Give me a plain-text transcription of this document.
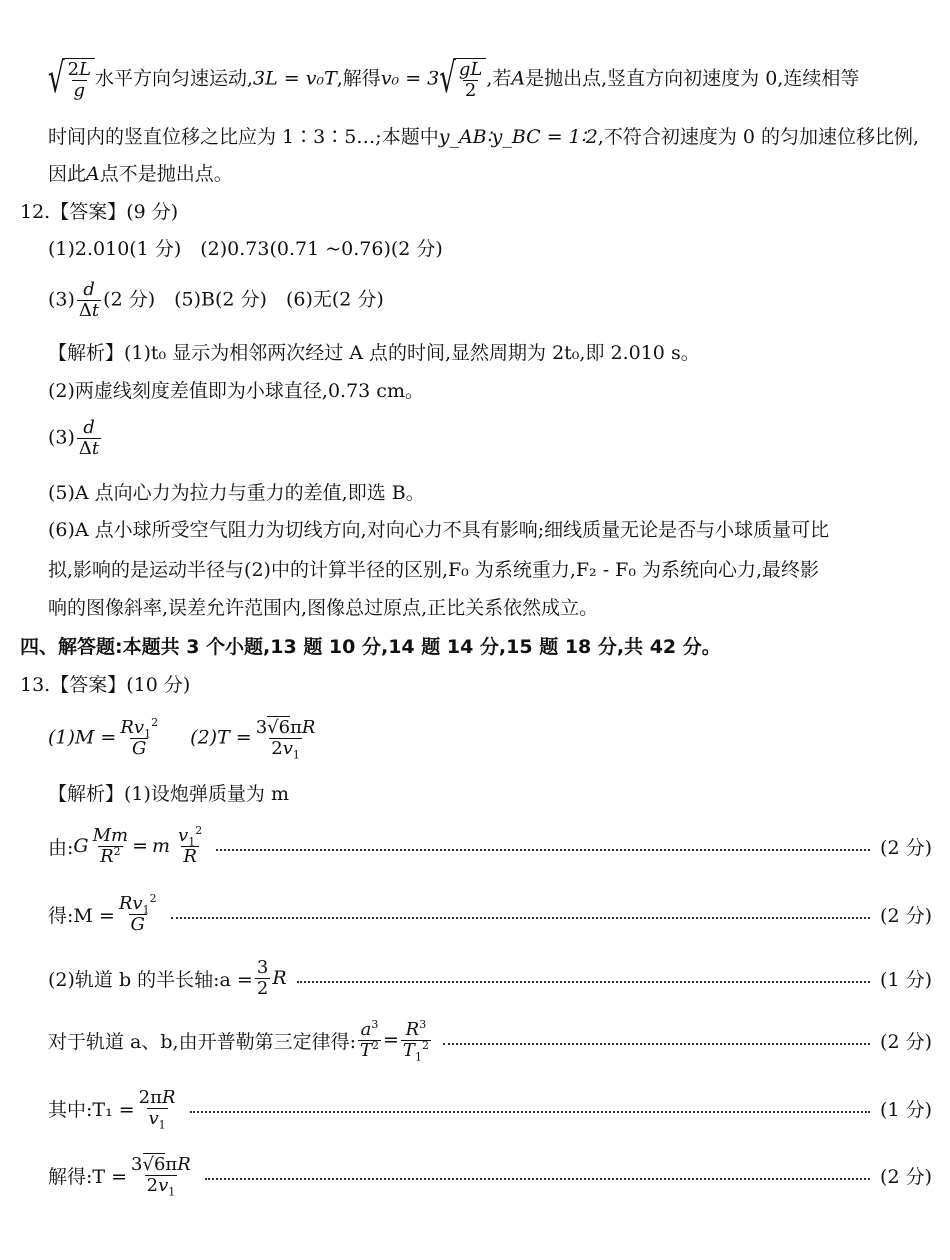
√ $\frac{2L}{g}$ 水平方向匀速运动,3L = v₀T,解得v₀ = 3 √ $\frac{gL}{2}$ ,若A是抛出点,竖直方向初速度为 0,连续相等
时间内的竖直位移之比应为 1∶3∶5…;本题中y_AB∶y_BC = 1∶2,不符合初速度为 0 的匀加速位移比例,
因此A点不是抛出点。
12.【答案】(9 分)
(1)2.010(1 分)　(2)0.73(0.71 ~0.76)(2 分)
$(3) \frac{d}{\Delta t} (2$ 分)　(5)B(2 分)　(6)无(2 分)
【解析】(1)t₀ 显示为相邻两次经过 A 点的时间,显然周期为 2t₀,即 2.010 s。
(2)两虚线刻度差值即为小球直径,0.73 cm。
$(3) \frac{d}{\Delta t}$
(5)A 点向心力为拉力与重力的差值,即选 B。
(6)A 点小球所受空气阻力为切线方向,对向心力不具有影响;细线质量无论是否与小球质量可比
拟,影响的是运动半径与(2)中的计算半径的区别,F₀ 为系统重力,F₂ - F₀ 为系统向心力,最终影
响的图像斜率,误差允许范围内,图像总过原点,正比关系依然成立。
四、解答题:本题共 3 个小题,13 题 10 分,14 题 14 分,15 题 18 分,共 42 分。
13.【答案】(10 分)
$(1)M = \frac{Rv_1^2}{G} (2)T = \frac{3√6\pi R}{2v_1}$
【解析】(1)设炮弹质量为 m
由: G $\frac{Mm}{R^2} = m \frac{v_1^2}{R}$	(2 分)
得:M = $\frac{Rv_1^2}{G}$	(2 分)
(2)轨道 b 的半长轴:a = $\frac{3}{2}$ R	(1 分)
对于轨道 a、b,由开普勒第三定律得: $\frac{a^3}{T^2} = \frac{R^3}{T_1^2}$	(2 分)
其中:T₁ = $\frac{2\pi R}{v_1}$	(1 分)
解得:T = $\frac{3√6\pi R}{2v_1}$	(2 分)
